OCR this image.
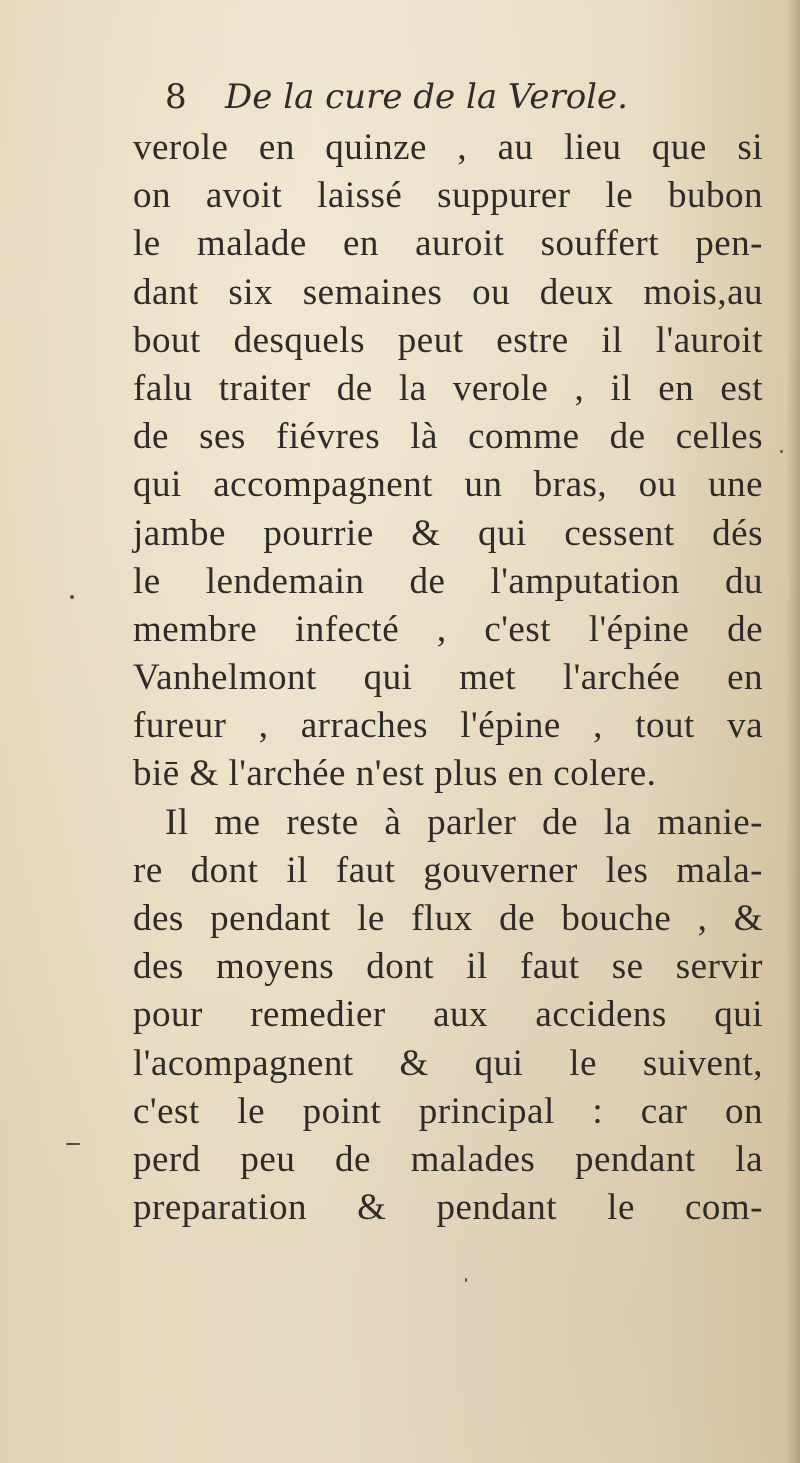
8 De la cure de la Verole.
verole en quinze , au lieu que si
on avoit laissé suppurer le bubon
le malade en auroit souffert pen-
dant six semaines ou deux mois,au
bout desquels peut estre il l'auroit
falu traiter de la verole , il en est
de ses fiévres là comme de celles
qui accompagnent un bras, ou une
jambe pourrie & qui cessent dés
le lendemain de l'amputation du
membre infecté , c'est l'épine de
Vanhelmont qui met l'archée en
fureur , arraches l'épine , tout va
biē & l'archée n'est plus en colere.
Il me reste à parler de la manie-
re dont il faut gouverner les mala-
des pendant le flux de bouche , &
des moyens dont il faut se servir
pour remedier aux accidens qui
l'acompagnent & qui le suivent,
c'est le point principal : car on
perd peu de malades pendant la
preparation & pendant le com-
